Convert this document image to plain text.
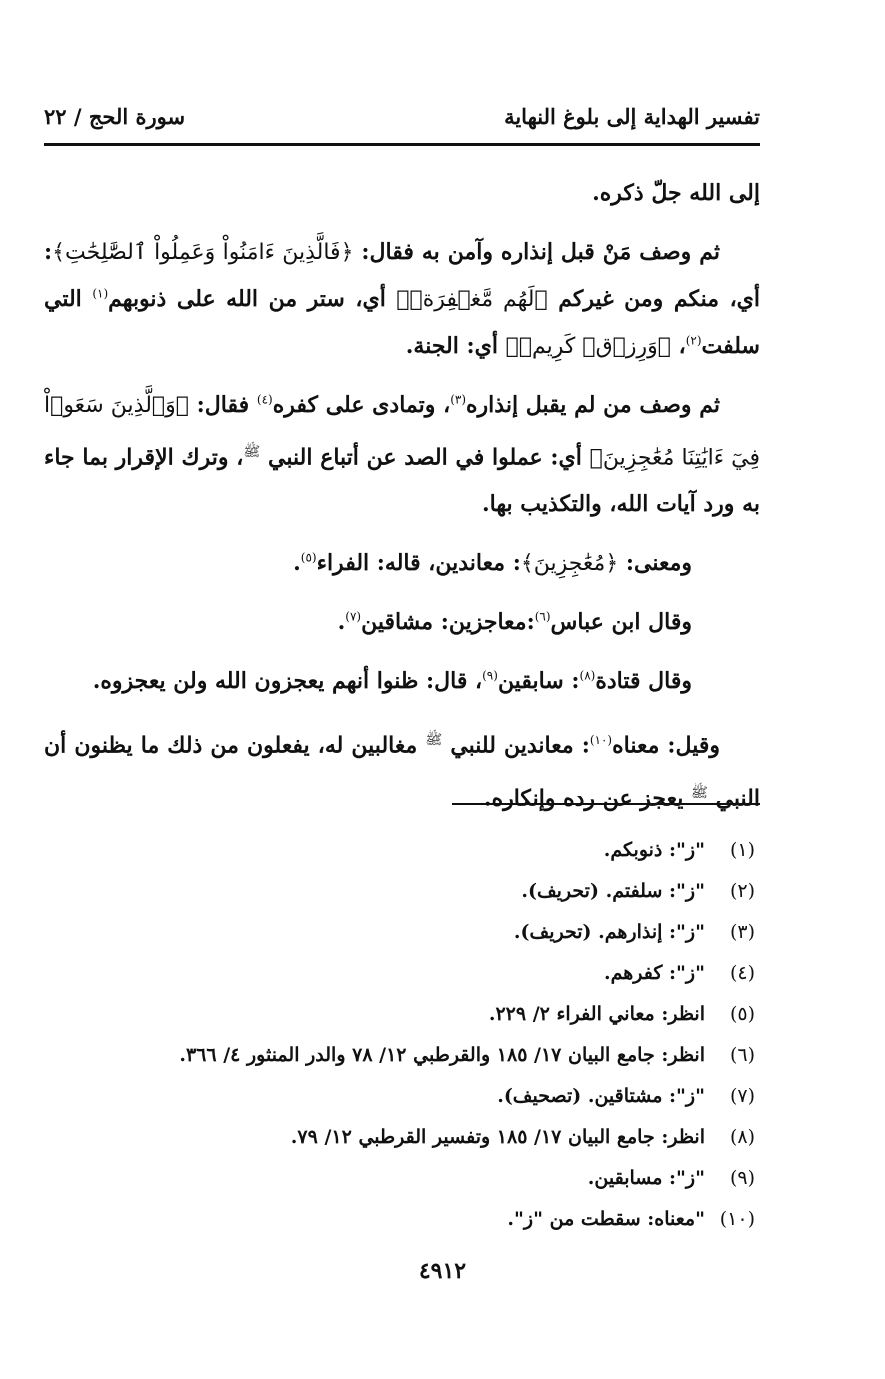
تفسير الهداية إلى بلوغ النهاية
سورة الحج / ٢٢

إلى الله جلّ ذكره.

ثم وصف مَنْ قبل إنذاره وآمن به فقال: ﴿فَالَّذِينَ ءَامَنُواْ وَعَمِلُواْ ٱلصَّٰلِحَٰتِ﴾: أي، منكم ومن غيركم ﴿لَهُم مَّغۡفِرَةٞ﴾ أي، ستر من الله على ذنوبهم$^{(١)}$ التي سلفت$^{(٢)}$، ﴿وَرِزۡقٞ كَرِيمٞ﴾ أي: الجنة.

ثم وصف من لم يقبل إنذاره$^{(٣)}$، وتمادى على كفره$^{(٤)}$ فقال: ﴿وَٱلَّذِينَ سَعَوۡاْ فِيٓ ءَايَٰتِنَا مُعَٰجِزِينَ﴾ أي: عملوا في الصد عن أتباع النبي $^ﷺ$، وترك الإقرار بما جاء به ورد آيات الله، والتكذيب بها.

ومعنى: ﴿مُعَٰجِزِينَ﴾: معاندين، قاله: الفراء$^{(٥)}$.

وقال ابن عباس$^{(٦)}$:معاجزين: مشاقين$^{(٧)}$.

وقال قتادة$^{(٨)}$: سابقين$^{(٩)}$، قال: ظنوا أنهم يعجزون الله ولن يعجزوه.

وقيل: معناه$^{(١٠)}$: معاندين للنبي $^ﷺ$ مغالبين له، يفعلون من ذلك ما يظنون أن النبي $^ﷺ$ يعجز عن رده وإنكاره.

(١)
"ز": ذنوبكم.
(٢)
"ز": سلفتم. (تحريف).
(٣)
"ز": إنذارهم. (تحريف).
(٤)
"ز": كفرهم.
(٥)
انظر: معاني الفراء ٢/ ٢٢٩.
(٦)
انظر: جامع البيان ١٧/ ١٨٥ والقرطبي ١٢/ ٧٨ والدر المنثور ٤/ ٣٦٦.
(٧)
"ز": مشتاقين. (تصحيف).
(٨)
انظر: جامع البيان ١٧/ ١٨٥ وتفسير القرطبي ١٢/ ٧٩.
(٩)
"ز": مسابقين.
(١٠)
"معناه: سقطت من "ز".
٤٩١٢
